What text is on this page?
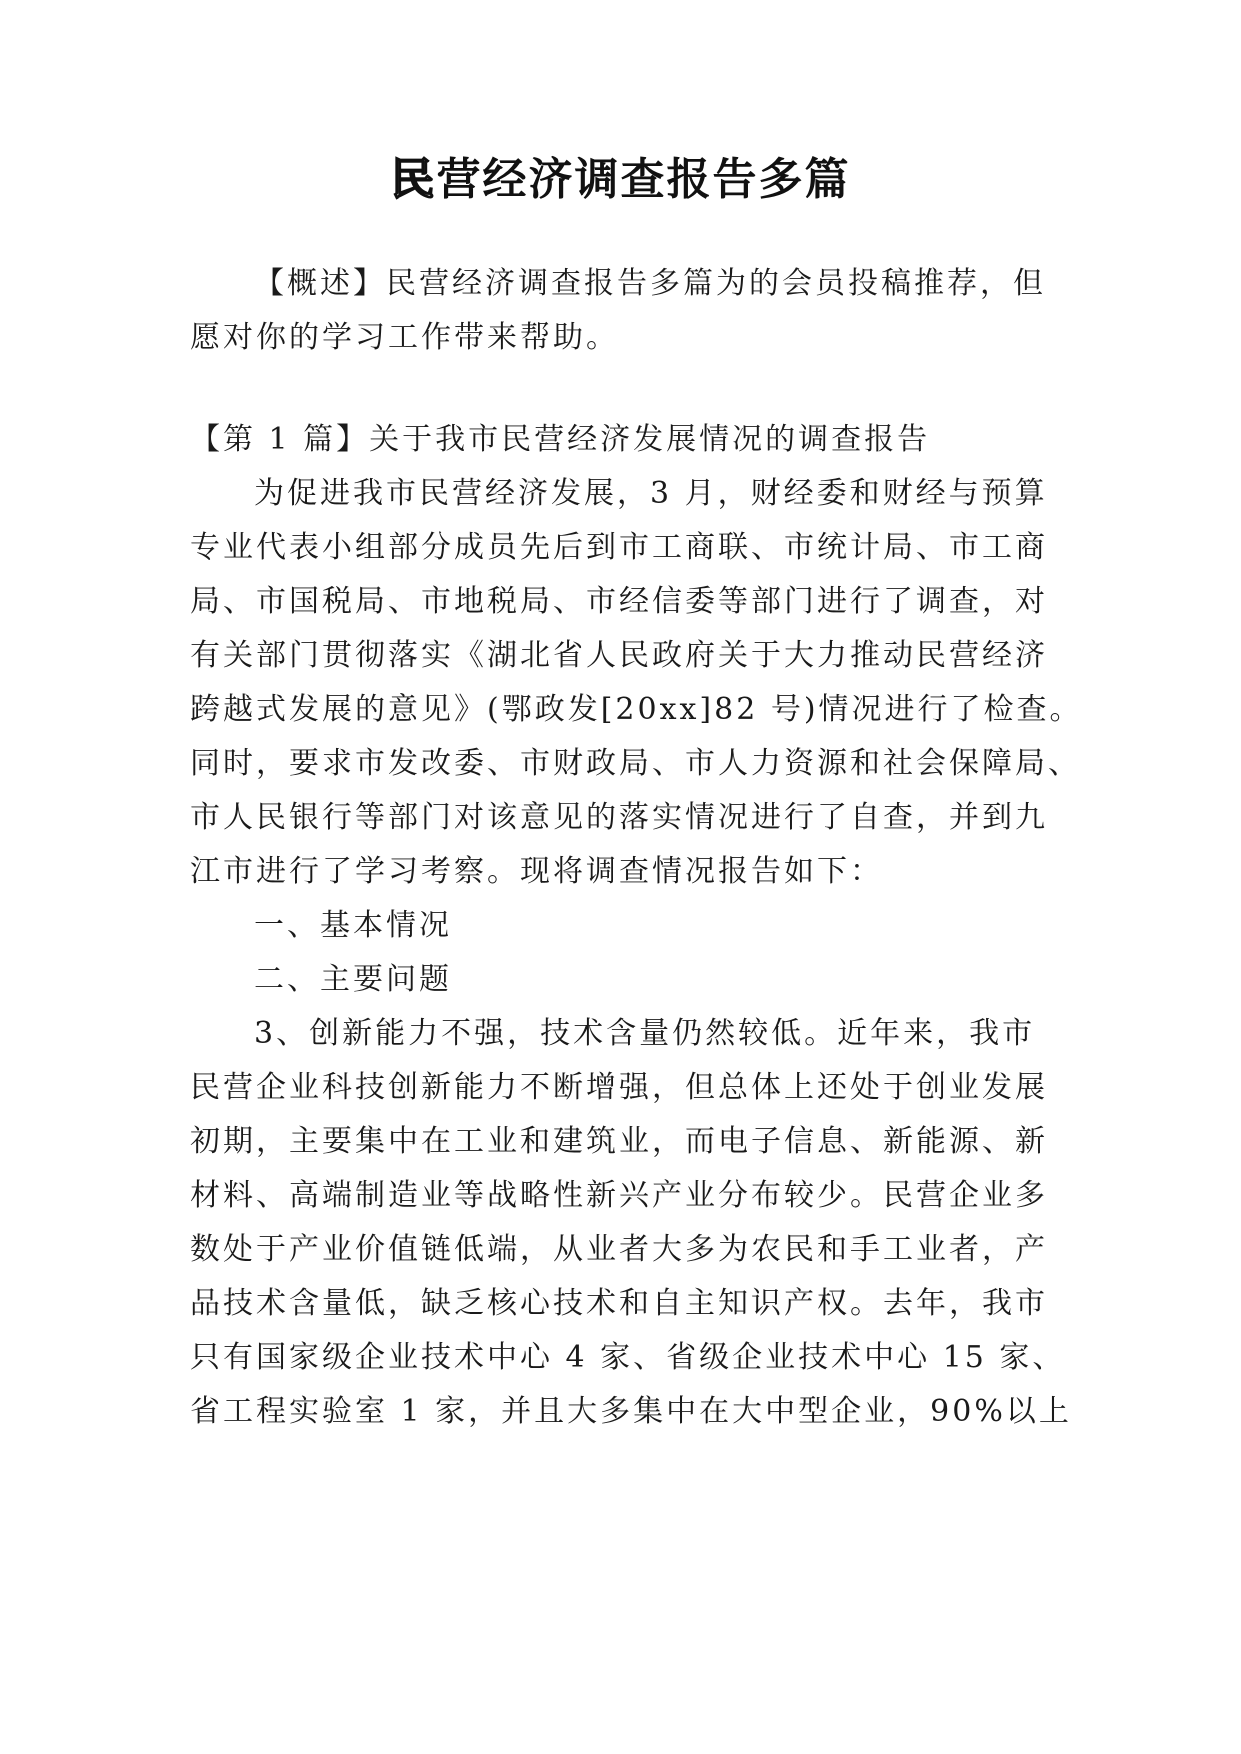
民营经济调查报告多篇
【概述】民营经济调查报告多篇为的会员投稿推荐，但
愿对你的学习工作带来帮助。
【第 1 篇】关于我市民营经济发展情况的调查报告
为促进我市民营经济发展，3 月，财经委和财经与预算
专业代表小组部分成员先后到市工商联、市统计局、市工商
局、市国税局、市地税局、市经信委等部门进行了调查，对
有关部门贯彻落实《湖北省人民政府关于大力推动民营经济
跨越式发展的意见》(鄂政发[20xx]82 号)情况进行了检查。
同时，要求市发改委、市财政局、市人力资源和社会保障局、
市人民银行等部门对该意见的落实情况进行了自查，并到九
江市进行了学习考察。现将调查情况报告如下：
一、基本情况
二、主要问题
3、创新能力不强，技术含量仍然较低。近年来，我市
民营企业科技创新能力不断增强，但总体上还处于创业发展
初期，主要集中在工业和建筑业，而电子信息、新能源、新
材料、高端制造业等战略性新兴产业分布较少。民营企业多
数处于产业价值链低端，从业者大多为农民和手工业者，产
品技术含量低，缺乏核心技术和自主知识产权。去年，我市
只有国家级企业技术中心 4 家、省级企业技术中心 15 家、
省工程实验室 1 家，并且大多集中在大中型企业，90%以上
